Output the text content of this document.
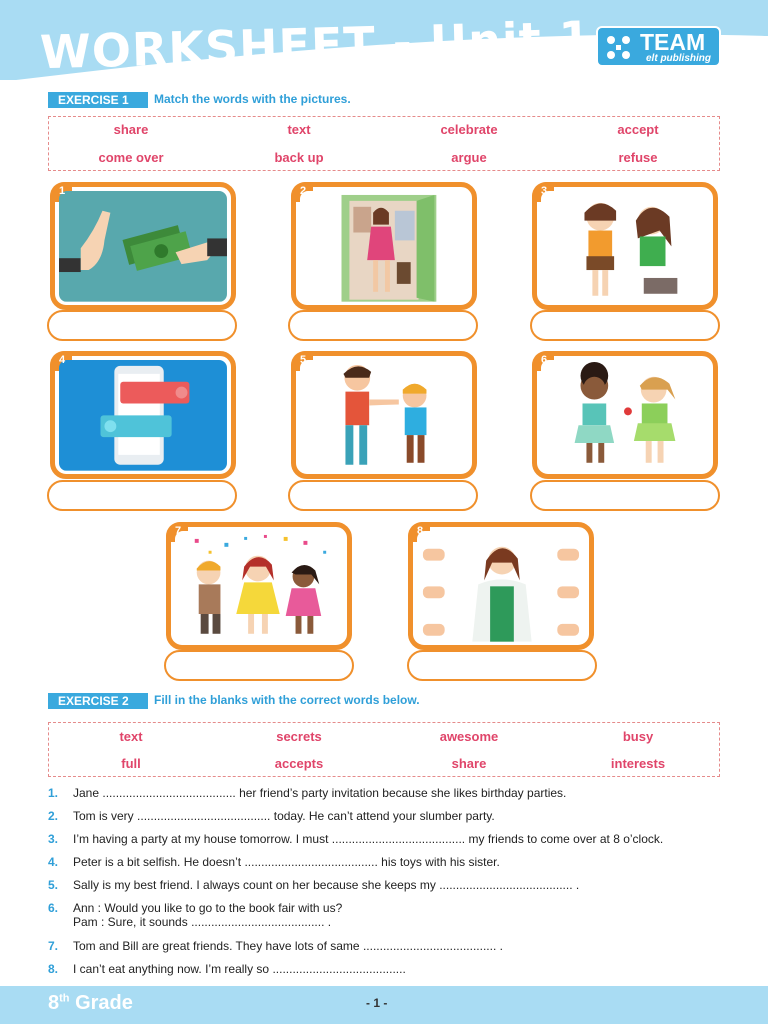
WORKSHEET - Unit 1 TEAM
elt publishing
EXERCISE 1	Match the words with the pictures.
share	text	celebrate	accept
come over	back up	argue	refuse
1	2	3
4	5	6
7	8
EXERCISE 2	Fill in the blanks with the correct words below.
text	secrets	awesome	busy
full	accepts	share	interests
1. Jane ........................................ her friend’s party invitation because she likes birthday parties.
2. Tom is very ........................................ today. He can’t attend your slumber party.
3. I’m having a party at my house tomorrow. I must ........................................ my friends to come over at 8 o’clock.
4. Peter is a bit selfish. He doesn’t ........................................ his toys with his sister.
5. Sally is my best friend. I always count on her because she keeps my ........................................ .
6. Ann : Would you like to go to the book fair with us?
Pam : Sure, it sounds ........................................ .
7. Tom and Bill are great friends. They have lots of same ........................................ .
8. I can’t eat anything now. I’m really so ........................................
8th Grade	- 1 -
